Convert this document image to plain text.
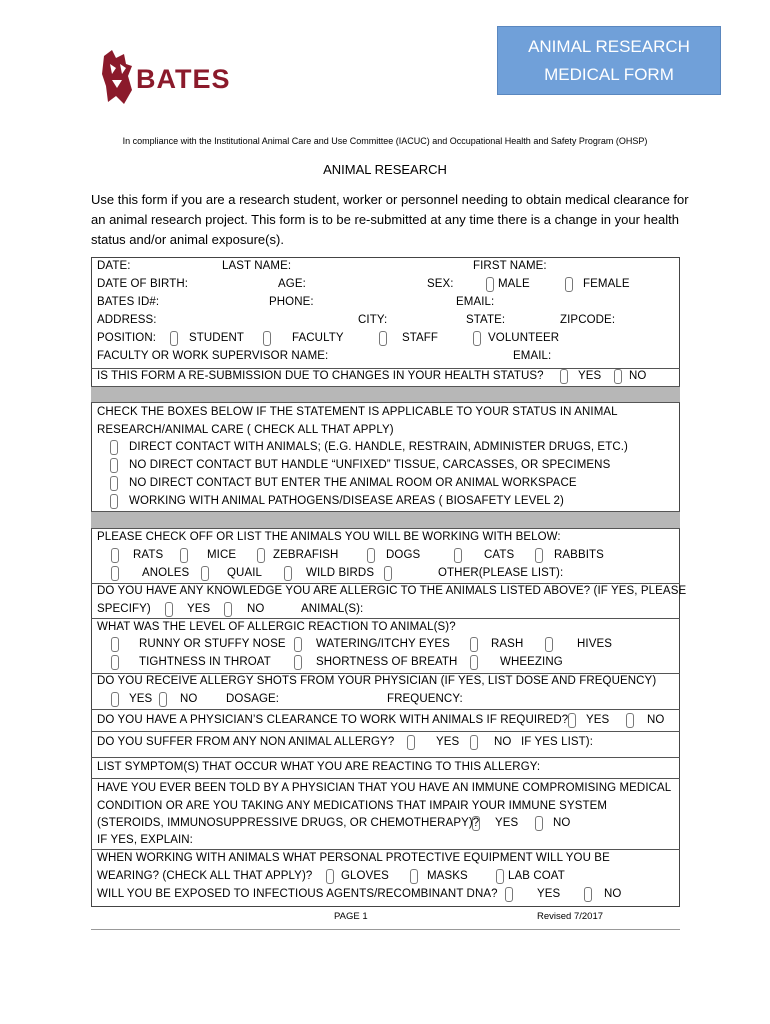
BATES
ANIMAL RESEARCH
MEDICAL FORM
In compliance with the Institutional Animal Care and Use Committee (IACUC) and Occupational Health and Safety Program (OHSP)
ANIMAL RESEARCH
Use this form if you are a research student, worker or personnel needing to obtain medical clearance for an animal research project. This form is to be re-submitted at any time there is a change in your health status and/or animal exposure(s).
DATE:	LAST NAME:	FIRST NAME:
DATE OF BIRTH:	AGE:	SEX:	MALE	FEMALE
BATES ID#:	PHONE:	EMAIL:
ADDRESS:	CITY:	STATE:	ZIPCODE:
POSITION:	STUDENT	FACULTY	STAFF	VOLUNTEER
FACULTY OR WORK SUPERVISOR NAME:	EMAIL:
IS THIS FORM A RE-SUBMISSION DUE TO CHANGES IN YOUR HEALTH STATUS?	YES NO
CHECK THE BOXES BELOW IF THE STATEMENT IS APPLICABLE TO YOUR STATUS IN ANIMAL
RESEARCH/ANIMAL CARE ( CHECK ALL THAT APPLY)
DIRECT CONTACT WITH ANIMALS; (E.G. HANDLE, RESTRAIN, ADMINISTER DRUGS, ETC.)
NO DIRECT CONTACT BUT HANDLE “UNFIXED” TISSUE, CARCASSES, OR SPECIMENS
NO DIRECT CONTACT BUT ENTER THE ANIMAL ROOM OR ANIMAL WORKSPACE
WORKING WITH ANIMAL PATHOGENS/DISEASE AREAS ( BIOSAFETY LEVEL 2)
PLEASE CHECK OFF OR LIST THE ANIMALS YOU WILL BE WORKING WITH BELOW:
RATS	MICE	ZEBRAFISH	DOGS	CATS	RABBITS
ANOLES	QUAIL	WILD BIRDS	OTHER(PLEASE LIST):
DO YOU HAVE ANY KNOWLEDGE YOU ARE ALLERGIC TO THE ANIMALS LISTED ABOVE? (IF YES, PLEASE
SPECIFY)	YES	NO	ANIMAL(S):
WHAT WAS THE LEVEL OF ALLERGIC REACTION TO ANIMAL(S)?
RUNNY OR STUFFY NOSE	WATERING/ITCHY EYES	RASH	HIVES
TIGHTNESS IN THROAT	SHORTNESS OF BREATH	WHEEZING
DO YOU RECEIVE ALLERGY SHOTS FROM YOUR PHYSICIAN (IF YES, LIST DOSE AND FREQUENCY)
YES NO DOSAGE:	FREQUENCY:
DO YOU HAVE A PHYSICIAN’S CLEARANCE TO WORK WITH ANIMALS IF REQUIRED? YES	NO
DO YOU SUFFER FROM ANY NON ANIMAL ALLERGY?	YES	NO IF YES LIST):
LIST SYMPTOM(S) THAT OCCUR WHAT YOU ARE REACTING TO THIS ALLERGY:
HAVE YOU EVER BEEN TOLD BY A PHYSICIAN THAT YOU HAVE AN IMMUNE COMPROMISING MEDICAL
CONDITION OR ARE YOU TAKING ANY MEDICATIONS THAT IMPAIR YOUR IMMUNE SYSTEM
(STEROIDS, IMMUNOSUPPRESSIVE DRUGS, OR CHEMOTHERAPY)? YES	NO
IF YES, EXPLAIN:
WHEN WORKING WITH ANIMALS WHAT PERSONAL PROTECTIVE EQUIPMENT WILL YOU BE
WEARING? (CHECK ALL THAT APPLY)? GLOVES	MASKS	LAB COAT
WILL YOU BE EXPOSED TO INFECTIOUS AGENTS/RECOMBINANT DNA?	YES	NO
PAGE 1	Revised 7/2017
